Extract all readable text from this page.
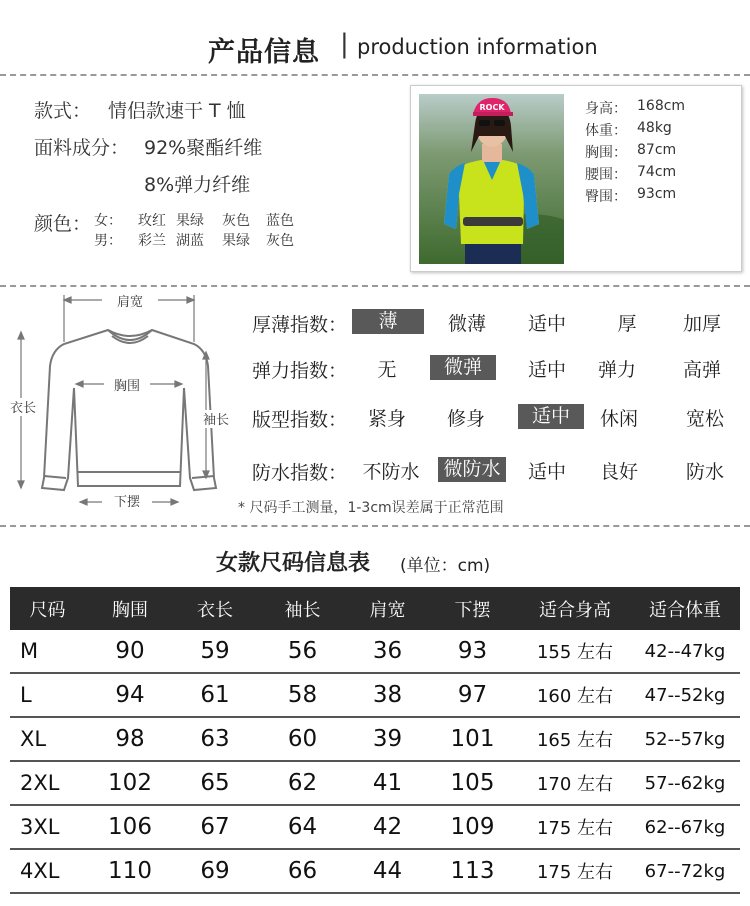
产品信息 | production information
款式： 情侣款速干 T 恤
面料成分： 92%聚酯纤维
8%弹力纤维
颜色： 女： 玫红 果绿 灰色 蓝色
男： 彩兰 湖蓝 果绿 灰色
ROCK	身高： 168cm
体重： 48kg
胸围： 87cm
腰围： 74cm
臀围： 93cm
肩宽
胸围
衣长
袖长
下摆
厚薄指数：	薄	微薄	适中	厚	加厚
弹力指数：	无	微弹	适中	弹力	高弹
版型指数：	紧身	修身	适中	休闲	宽松
防水指数： 不防水	微防水	适中	良好	防水
* 尺码手工测量，1-3cm误差属于正常范围
女款尺码信息表 (单位：cm)
尺码	胸围	衣长	袖长	肩宽	下摆	适合身高	适合体重
M	90	59	56	36	93	155 左右	42--47kg
L	94	61	58	38	97	160 左右	47--52kg
XL	98	63	60	39	101	165 左右	52--57kg
2XL	102	65	62	41	105	170 左右	57--62kg
3XL	106	67	64	42	109	175 左右	62--67kg
4XL	110	69	66	44	113	175 左右	67--72kg
